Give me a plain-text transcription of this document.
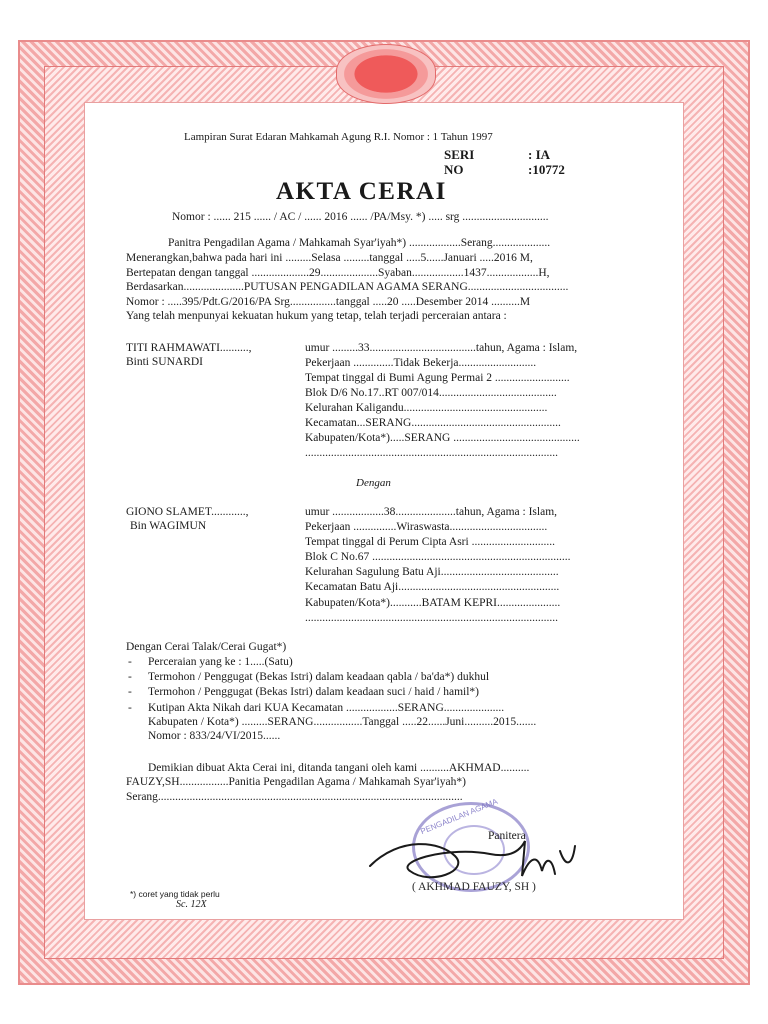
Lampiran Surat Edaran Mahkamah Agung R.I. Nomor : 1 Tahun 1997
SERI	: IA
NO	:10772
AKTA CERAI
Nomor : ...... 215 ...... / AC / ...... 2016 ...... /PA/Msy. *) ..... srg ..............................
Panitra Pengadilan Agama / Mahkamah Syar'iyah*) ..................Serang....................
Menerangkan,bahwa pada hari ini .........Selasa .........tanggal .....5......Januari .....2016 M,
Bertepatan dengan tanggal ....................29....................Syaban..................1437..................H,
Berdasarkan.....................PUTUSAN PENGADILAN AGAMA SERANG...................................
Nomor : .....395/Pdt.G/2016/PA Srg................tanggal .....20 .....Desember 2014 ..........M
Yang telah menpunyai kekuatan hukum yang tetap, telah terjadi perceraian antara :
TITI RAHMAWATI..........,
Binti SUNARDI
umur .........33.....................................tahun, Agama : Islam,
Pekerjaan ..............Tidak Bekerja...........................
Tempat tinggal di Bumi Agung Permai 2 ..........................
Blok D/6 No.17..RT 007/014.........................................
Kelurahan Kaligandu..................................................
Kecamatan...SERANG....................................................
Kabupaten/Kota*).....SERANG ............................................
........................................................................................
Dengan
GIONO SLAMET............,
Bin WAGIMUN
umur ..................38.....................tahun, Agama : Islam,
Pekerjaan ...............Wiraswasta..................................
Tempat tinggal di Perum Cipta Asri .............................
Blok C No.67 .....................................................................
Kelurahan Sagulung Batu Aji.........................................
Kecamatan Batu Aji........................................................
Kabupaten/Kota*)...........BATAM KEPRI......................
........................................................................................
Dengan Cerai Talak/Cerai Gugat*)
- Perceraian yang ke : 1.....(Satu)
- Termohon / Penggugat (Bekas Istri) dalam keadaan qabla / ba'da*) dukhul
- Termohon / Penggugat (Bekas Istri) dalam keadaan suci / haid / hamil*)
- Kutipan Akta Nikah dari KUA Kecamatan ..................SERANG.....................
Kabupaten / Kota*) .........SERANG.................Tanggal .....22......Juni..........2015.......
Nomor : 833/24/VI/2015......
Demikian dibuat Akta Cerai ini, ditanda tangani oleh kami ..........AKHMAD..........
FAUZY,SH.................Panitia Pengadilan Agama / Mahkamah Syar'iyah*)
Serang..........................................................................................................
PENGADILAN AGAMA
Panitera
( AKHMAD FAUZY, SH )
*) coret yang tidak perlu
Sc. 12X
